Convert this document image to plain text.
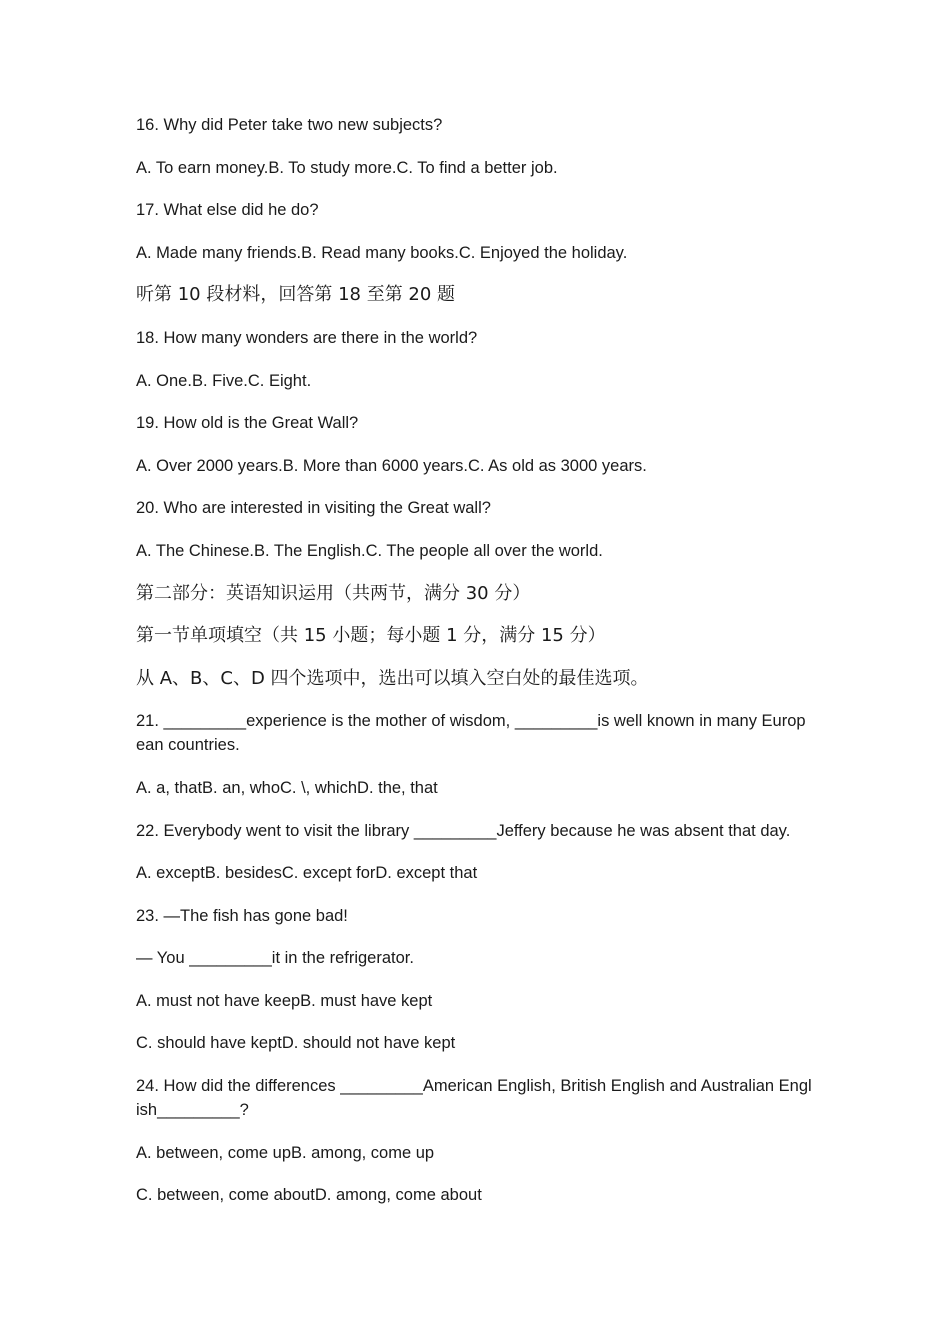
16. Why did Peter take two new subjects?

A. To earn money.B. To study more.C. To find a better job.

17. What else did he do?

A. Made many friends.B. Read many books.C. Enjoyed the holiday.

听第 10 段材料，回答第 18 至第 20 题

18. How many wonders are there in the world?

A. One.B. Five.C. Eight.

19. How old is the Great Wall?

A. Over 2000 years.B. More than 6000 years.C. As old as 3000 years.

20. Who are interested in visiting the Great wall?

A. The Chinese.B. The English.C. The people all over the world.

第二部分：英语知识运用（共两节，满分 30 分）

第一节单项填空（共 15 小题；每小题 1 分，满分 15 分）

从 A、B、C、D 四个选项中，选出可以填入空白处的最佳选项。

21. _________experience is the mother of wisdom, _________is well known in many European countries.

A. a, thatB. an, whoC. \, whichD. the, that

22. Everybody went to visit the library _________Jeffery because he was absent that day.

A. exceptB. besidesC. except forD. except that

23. —The fish has gone bad!

— You _________it in the refrigerator.

A. must not have keepB. must have kept

C. should have keptD. should not have kept

24. How did the differences _________American English, British English and Australian English_________?

A. between, come upB. among, come up

C. between, come aboutD. among, come about
